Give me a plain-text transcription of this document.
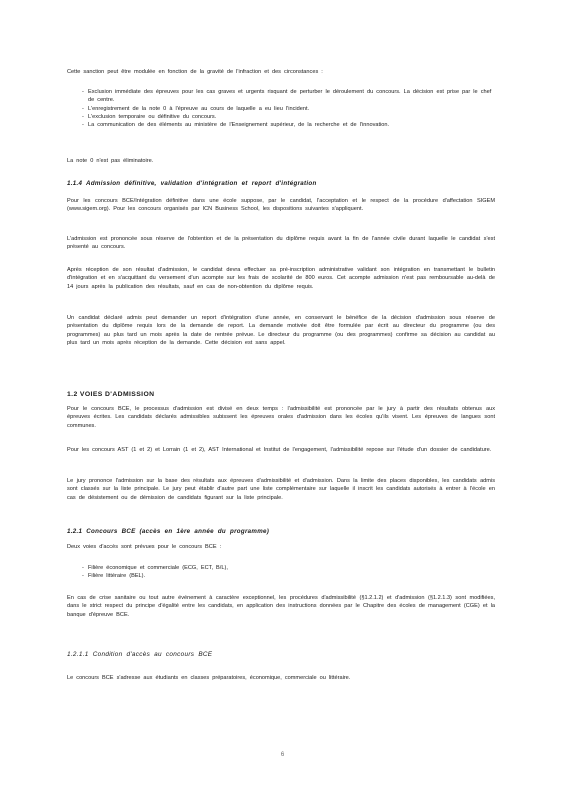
Cette sanction peut être modulée en fonction de la gravité de l'infraction et des circonstances :

- Exclusion immédiate des épreuves pour les cas graves et urgents risquant de perturber le déroulement du concours. La décision est prise par le chef de centre.
- L'enregistrement de la note 0 à l'épreuve au cours de laquelle a eu lieu l'incident.
- L'exclusion temporaire ou définitive du concours.
- La communication de des éléments au ministère de l'Enseignement supérieur, de la recherche et de l'innovation.

La note 0 n'est pas éliminatoire.

1.1.4 Admission définitive, validation d'intégration et report d'intégration

Pour les concours BCE/Intégration définitive dans une école suppose, par le candidat, l'acceptation et le respect de la procédure d'affectation SIGEM (www.sigem.org). Pour les concours organisés par ICN Business School, les dispositions suivantes s'appliquent.

L'admission est prononcée sous réserve de l'obtention et de la présentation du diplôme requis avant la fin de l'année civile durant laquelle le candidat s'est présenté au concours.

Après réception de son résultat d'admission, le candidat devra effectuer sa pré-inscription administrative validant son intégration en transmettant le bulletin d'intégration et en s'acquittant du versement d'un acompte sur les frais de scolarité de 800 euros. Cet acompte admission n'est pas remboursable au-delà de 14 jours après la publication des résultats, sauf en cas de non-obtention du diplôme requis.

Un candidat déclaré admis peut demander un report d'intégration d'une année, en conservant le bénéfice de la décision d'admission sous réserve de présentation du diplôme requis lors de la demande de report. La demande motivée doit être formulée par écrit au directeur du programme (ou des programmes) au plus tard un mois après la date de rentrée prévue. Le directeur du programme (ou des programmes) confirme sa décision au candidat au plus tard un mois après réception de la demande. Cette décision est sans appel.

1.2 VOIES D'ADMISSION

Pour le concours BCE, le processus d'admission est divisé en deux temps : l'admissibilité est prononcée par le jury à partir des résultats obtenus aux épreuves écrites. Les candidats déclarés admissibles subissent les épreuves orales d'admission dans les écoles qu'ils visent. Les épreuves de langues sont communes.

Pour les concours AST (1 et 2) et Lorrain (1 et 2), AST International et Institut de l'engagement, l'admissibilité repose sur l'étude d'un dossier de candidature.

Le jury prononce l'admission sur la base des résultats aux épreuves d'admissibilité et d'admission. Dans la limite des places disponibles, les candidats admis sont classés sur la liste principale. Le jury peut établir d'autre part une liste complémentaire sur laquelle il inscrit les candidats autorisés à entrer à l'école en cas de désistement ou de démission de candidats figurant sur la liste principale.

1.2.1 Concours BCE (accès en 1ère année du programme)

Deux voies d'accès sont prévues pour le concours BCE :

- Filière économique et commerciale (ECG, ECT, B/L),
- Filière littéraire (BEL).

En cas de crise sanitaire ou tout autre événement à caractère exceptionnel, les procédures d'admissibilité (§1.2.1.2) et d'admission (§1.2.1.3) sont modifiées, dans le strict respect du principe d'égalité entre les candidats, en application des instructions données par le Chapitre des écoles de management (CGE) et la banque d'épreuve BCE.

1.2.1.1 Condition d'accès au concours BCE

Le concours BCE s'adresse aux étudiants en classes préparatoires, économique, commerciale ou littéraire.

6
